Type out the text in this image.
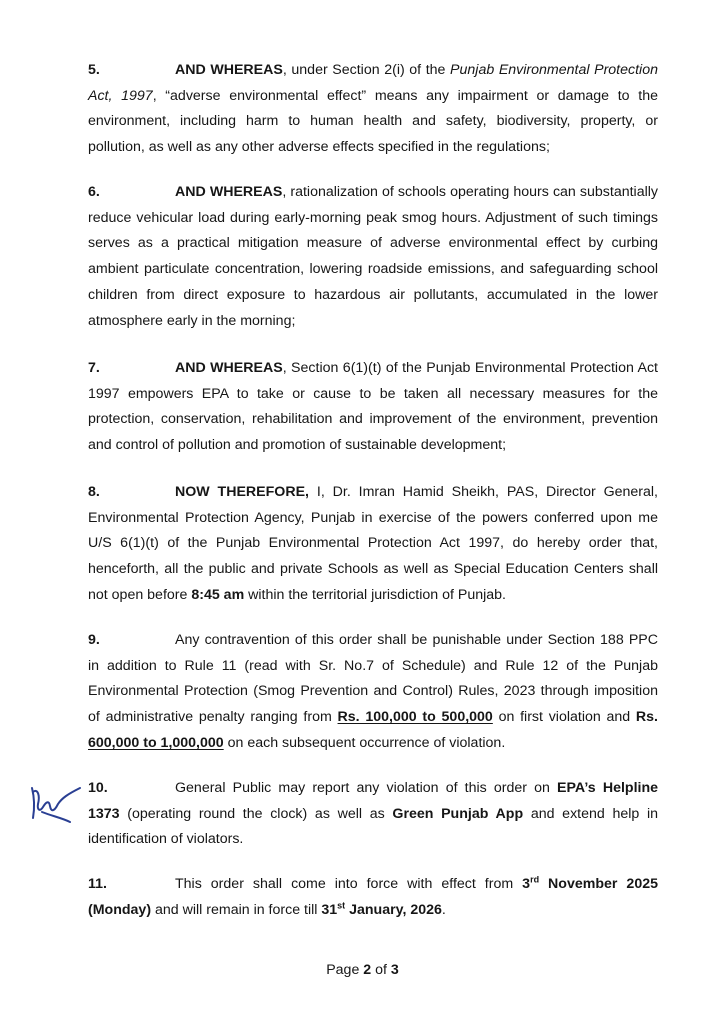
5.	AND WHEREAS, under Section 2(i) of the Punjab Environmental Protection Act, 1997, “adverse environmental effect” means any impairment or damage to the environment, including harm to human health and safety, biodiversity, property, or pollution, as well as any other adverse effects specified in the regulations;

6.	AND WHEREAS, rationalization of schools operating hours can substantially reduce vehicular load during early-morning peak smog hours. Adjustment of such timings serves as a practical mitigation measure of adverse environmental effect by curbing ambient particulate concentration, lowering roadside emissions, and safeguarding school children from direct exposure to hazardous air pollutants, accumulated in the lower atmosphere early in the morning;

7.	AND WHEREAS, Section 6(1)(t) of the Punjab Environmental Protection Act 1997 empowers EPA to take or cause to be taken all necessary measures for the protection, conservation, rehabilitation and improvement of the environment, prevention and control of pollution and promotion of sustainable development;

8.	NOW THEREFORE, I, Dr. Imran Hamid Sheikh, PAS, Director General, Environmental Protection Agency, Punjab in exercise of the powers conferred upon me U/S 6(1)(t) of the Punjab Environmental Protection Act 1997, do hereby order that, henceforth, all the public and private Schools as well as Special Education Centers shall not open before 8:45 am within the territorial jurisdiction of Punjab.

9.	Any contravention of this order shall be punishable under Section 188 PPC in addition to Rule 11 (read with Sr. No.7 of Schedule) and Rule 12 of the Punjab Environmental Protection (Smog Prevention and Control) Rules, 2023 through imposition of administrative penalty ranging from Rs. 100,000 to 500,000 on first violation and Rs. 600,000 to 1,000,000 on each subsequent occurrence of violation.

10.	General Public may report any violation of this order on EPA’s Helpline 1373 (operating round the clock) as well as Green Punjab App and extend help in identification of violators.

11.	This order shall come into force with effect from 3rd November 2025 (Monday) and will remain in force till 31st January, 2026.

Page 2 of 3
